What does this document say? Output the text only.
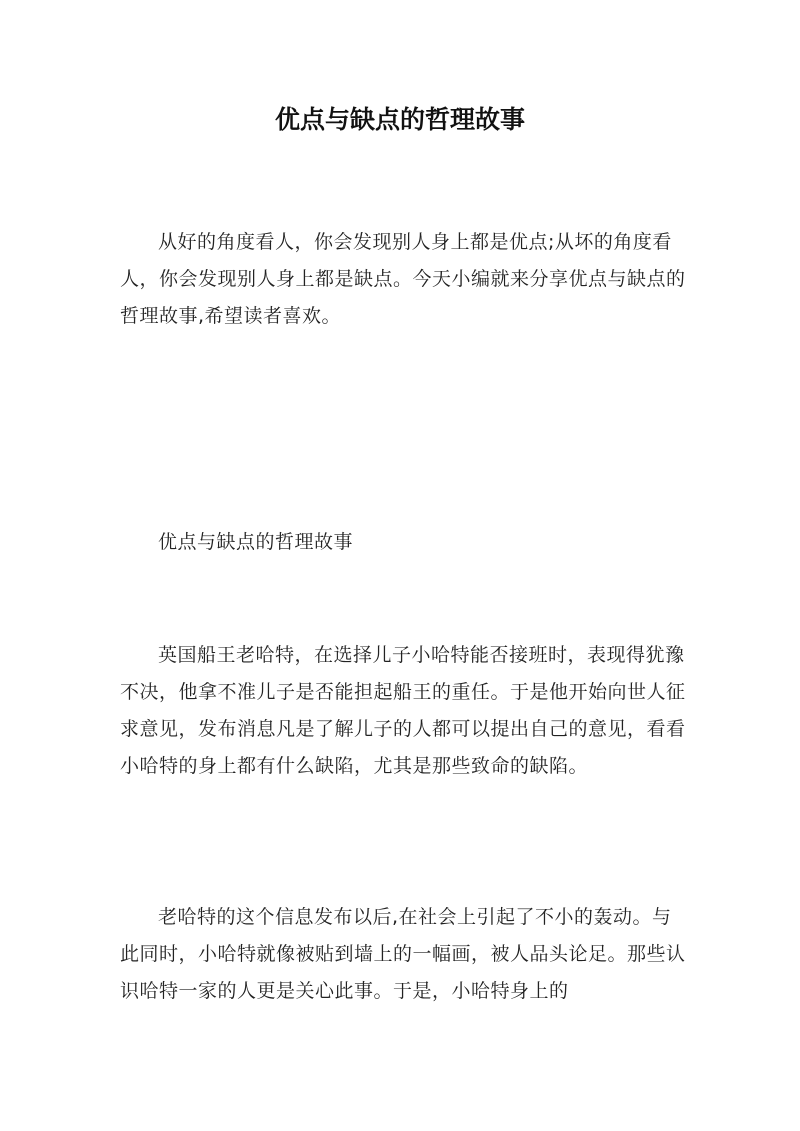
优点与缺点的哲理故事

从好的角度看人，你会发现别人身上都是优点;从坏的角度看人，你会发现别人身上都是缺点。今天小编就来分享优点与缺点的哲理故事,希望读者喜欢。

优点与缺点的哲理故事

英国船王老哈特，在选择儿子小哈特能否接班时，表现得犹豫不决，他拿不准儿子是否能担起船王的重任。于是他开始向世人征求意见，发布消息凡是了解儿子的人都可以提出自己的意见，看看小哈特的身上都有什么缺陷，尤其是那些致命的缺陷。

老哈特的这个信息发布以后,在社会上引起了不小的轰动。与此同时，小哈特就像被贴到墙上的一幅画，被人品头论足。那些认识哈特一家的人更是关心此事。于是，小哈特身上的
